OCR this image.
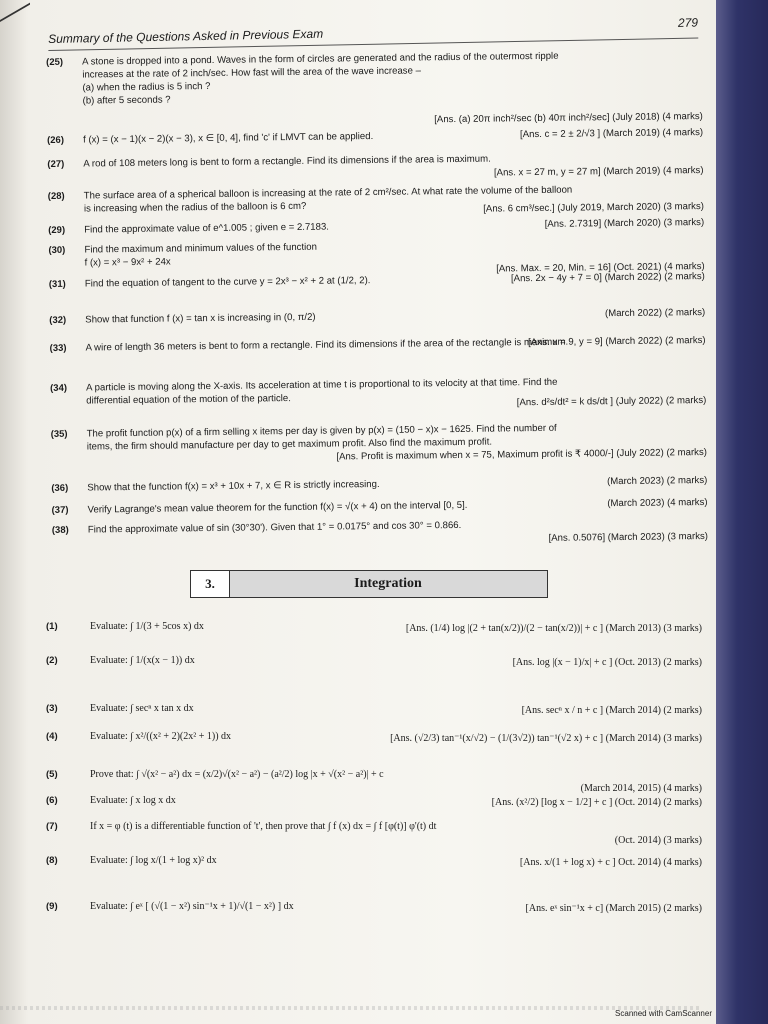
Summary of the Questions Asked in Previous Exam
279
(25) A stone is dropped into a pond. Waves in the form of circles are generated and the radius of the outermost ripple
increases at the rate of 2 inch/sec. How fast will the area of the wave increase –
(a) when the radius is 5 inch ?
(b) after 5 seconds ?
[Ans. (a) 20π inch²/sec (b) 40π inch²/sec] (July 2018) (4 marks)
(26) f (x) = (x − 1)(x − 2)(x − 3), x ∈ [0, 4], find 'c' if LMVT can be applied.	[Ans. c = 2 ± 2/√3 ] (March 2019) (4 marks)
(27) A rod of 108 meters long is bent to form a rectangle. Find its dimensions if the area is maximum.
[Ans. x = 27 m, y = 27 m] (March 2019) (4 marks)
(28) The surface area of a spherical balloon is increasing at the rate of 2 cm²/sec. At what rate the volume of the balloon
is increasing when the radius of the balloon is 6 cm?	[Ans. 6 cm³/sec.] (July 2019, March 2020) (3 marks)
(29) Find the approximate value of e^1.005 ; given e = 2.7183.	[Ans. 2.7319] (March 2020) (3 marks)
(30) Find the maximum and minimum values of the function
f (x) = x³ − 9x² + 24x	[Ans. Max. = 20, Min. = 16] (Oct. 2021) (4 marks)
(31) Find the equation of tangent to the curve y = 2x³ − x² + 2 at (1/2, 2).	[Ans. 2x − 4y + 7 = 0] (March 2022) (2 marks)
(32) Show that function f (x) = tan x is increasing in (0, π/2)	(March 2022) (2 marks)
(33) A wire of length 36 meters is bent to form a rectangle. Find its dimensions if the area of the rectangle is maximum.
[Ans. x = 9, y = 9] (March 2022) (2 marks)
(34) A particle is moving along the X-axis. Its acceleration at time t is proportional to its velocity at that time. Find the
differential equation of the motion of the particle.	[Ans. d²s/dt² = k ds/dt ] (July 2022) (2 marks)
(35) The profit function p(x) of a firm selling x items per day is given by p(x) = (150 − x)x − 1625. Find the number of
items, the firm should manufacture per day to get maximum profit. Also find the maximum profit.
[Ans. Profit is maximum when x = 75, Maximum profit is ₹ 4000/-] (July 2022) (2 marks)
(36) Show that the function f(x) = x³ + 10x + 7, x ∈ R is strictly increasing.	(March 2023) (2 marks)
(37) Verify Lagrange's mean value theorem for the function f(x) = √(x + 4) on the interval [0, 5].	(March 2023) (4 marks)
(38) Find the approximate value of sin (30°30'). Given that 1° = 0.0175° and cos 30° = 0.866.
[Ans. 0.5076] (March 2023) (3 marks)
3.	Integration
(1)	Evaluate: ∫ 1/(3 + 5cos x) dx	[Ans. (1/4) log |(2 + tan(x/2))/(2 − tan(x/2))| + c ] (March 2013) (3 marks)
(2)	Evaluate: ∫ 1/(x(x − 1)) dx	[Ans. log |(x − 1)/x| + c ] (Oct. 2013) (2 marks)
(3)	Evaluate: ∫ secⁿ x tan x dx	[Ans. secⁿ x / n + c ] (March 2014) (2 marks)
(4)	Evaluate: ∫ x²/((x² + 2)(2x² + 1)) dx	[Ans. (√2/3) tan⁻¹(x/√2) − (1/(3√2)) tan⁻¹(√2 x) + c ] (March 2014) (3 marks)
(5)	Prove that: ∫ √(x² − a²) dx = (x/2)√(x² − a²) − (a²/2) log |x + √(x² − a²)| + c
(March 2014, 2015) (4 marks)
(6)	Evaluate: ∫ x log x dx	[Ans. (x²/2) [log x − 1/2] + c ] (Oct. 2014) (2 marks)
(7)	If x = φ (t) is a differentiable function of 't', then prove that ∫ f (x) dx = ∫ f [φ(t)] φ'(t) dt
(Oct. 2014) (3 marks)
(8)	Evaluate: ∫ log x/(1 + log x)² dx	[Ans. x/(1 + log x) + c ] Oct. 2014) (4 marks)
(9)	Evaluate: ∫ eˣ [ (√(1 − x²) sin⁻¹x + 1)/√(1 − x²) ] dx	[Ans. eˣ sin⁻¹x + c] (March 2015) (2 marks)
Scanned with CamScanner
